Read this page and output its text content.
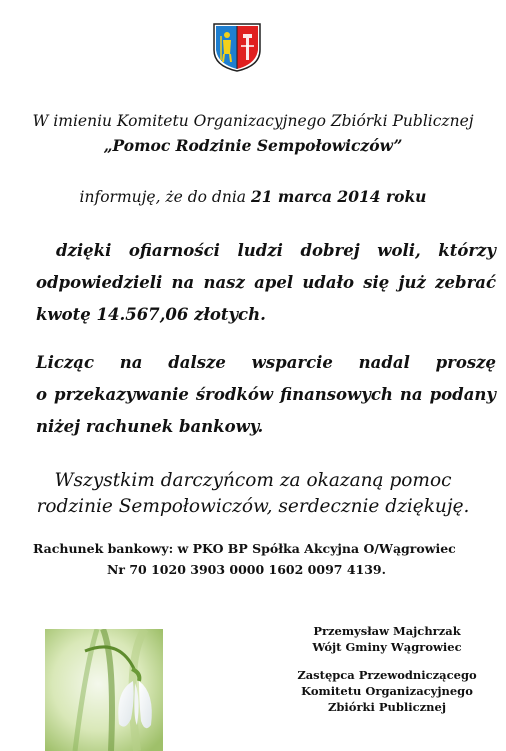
W imieniu Komitetu Organizacyjnego Zbiórki Publicznej
„Pomoc Rodzinie Sempołowiczów”
informuję, że do dnia 21 marca 2014 roku
dzięki ofiarności ludzi dobrej woli, którzy
odpowiedzieli na nasz apel udało się już zebrać
kwotę 14.567,06 złotych.
Licząc na dalsze wsparcie nadal proszę
o przekazywanie środków finansowych na podany
niżej rachunek bankowy.
Wszystkim darczyńcom za okazaną pomoc
rodzinie Sempołowiczów, serdecznie dziękuję.
Rachunek bankowy: w PKO BP Spółka Akcyjna O/Wągrowiec
Nr 70 1020 3903 0000 1602 0097 4139.
Przemysław Majchrzak
Wójt Gminy Wągrowiec
Zastępca Przewodniczącego
Komitetu Organizacyjnego
Zbiórki Publicznej
